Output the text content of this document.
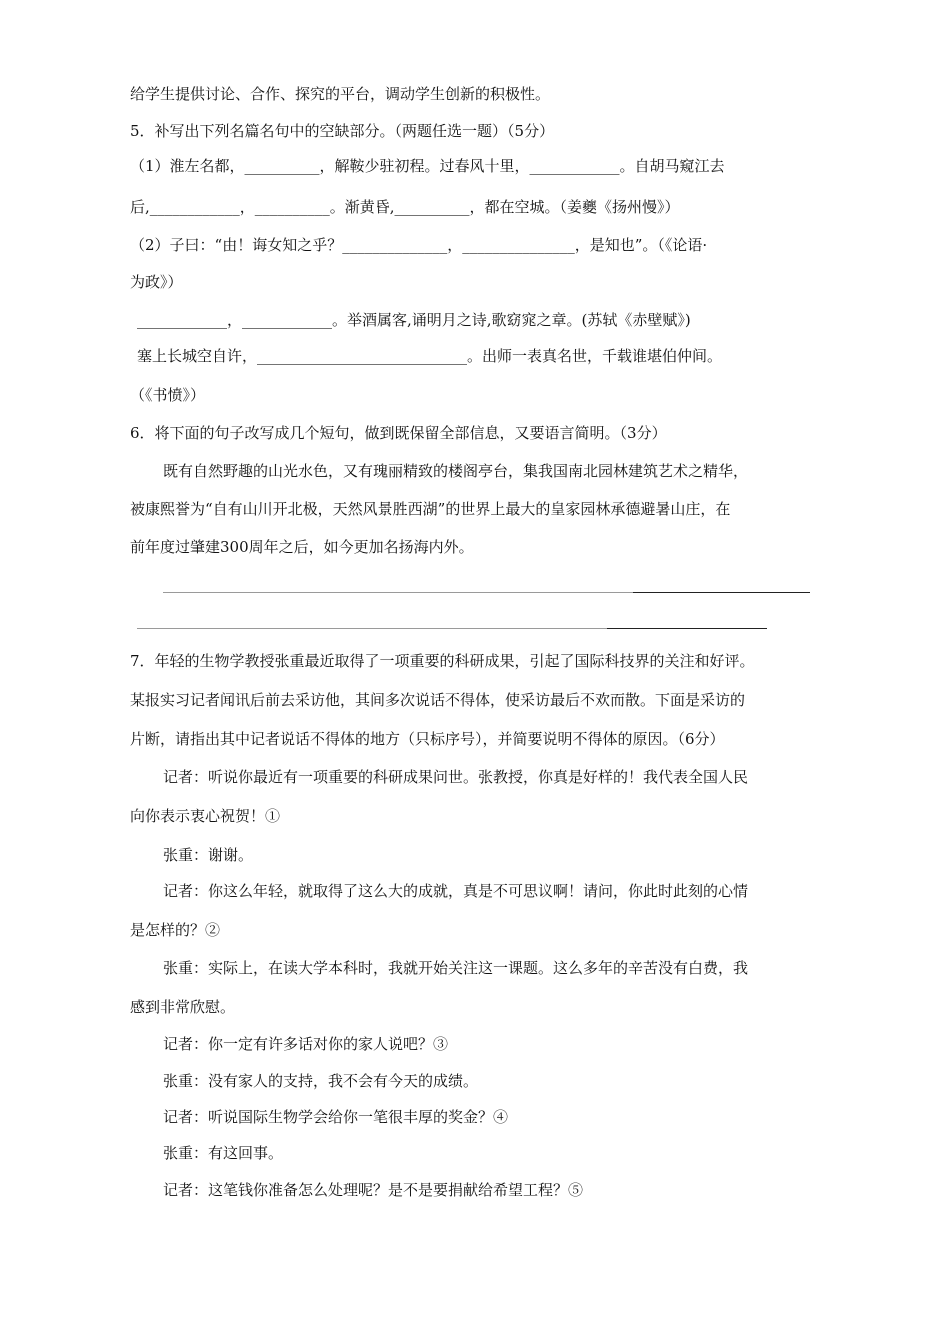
给学生提供讨论、合作、探究的平台，调动学生创新的积极性。
5．补写出下列名篇名句中的空缺部分。（两题任选一题）（5分）
（1）淮左名都，__________，解鞍少驻初程。过春风十里，____________。自胡马窥江去
后,____________，__________。渐黄昏,__________，都在空城。（姜夔《扬州慢》）
（2）子曰：“由！诲女知之乎？______________，_______________，是知也”。（《论语·
为政》）
____________，____________。举酒属客,诵明月之诗,歌窈窕之章。(苏轼《赤壁赋》)
塞上长城空自许，____________________________。出师一表真名世，千载谁堪伯仲间。
（《书愤》）
6．将下面的句子改写成几个短句，做到既保留全部信息，又要语言简明。（3分）
既有自然野趣的山光水色，又有瑰丽精致的楼阁亭台，集我国南北园林建筑艺术之精华，
被康熙誉为“自有山川开北极，天然风景胜西湖”的世界上最大的皇家园林承德避暑山庄，在
前年度过肇建300周年之后，如今更加名扬海内外。
7．年轻的生物学教授张重最近取得了一项重要的科研成果，引起了国际科技界的关注和好评。
某报实习记者闻讯后前去采访他，其间多次说话不得体，使采访最后不欢而散。下面是采访的
片断，请指出其中记者说话不得体的地方（只标序号），并简要说明不得体的原因。（6分）
记者：听说你最近有一项重要的科研成果问世。张教授，你真是好样的！我代表全国人民
向你表示衷心祝贺！①
张重：谢谢。
记者：你这么年轻，就取得了这么大的成就，真是不可思议啊！请问，你此时此刻的心情
是怎样的？②
张重：实际上，在读大学本科时，我就开始关注这一课题。这么多年的辛苦没有白费，我
感到非常欣慰。
记者：你一定有许多话对你的家人说吧？③
张重：没有家人的支持，我不会有今天的成绩。
记者：听说国际生物学会给你一笔很丰厚的奖金？④
张重：有这回事。
记者：这笔钱你准备怎么处理呢？是不是要捐献给希望工程？⑤
